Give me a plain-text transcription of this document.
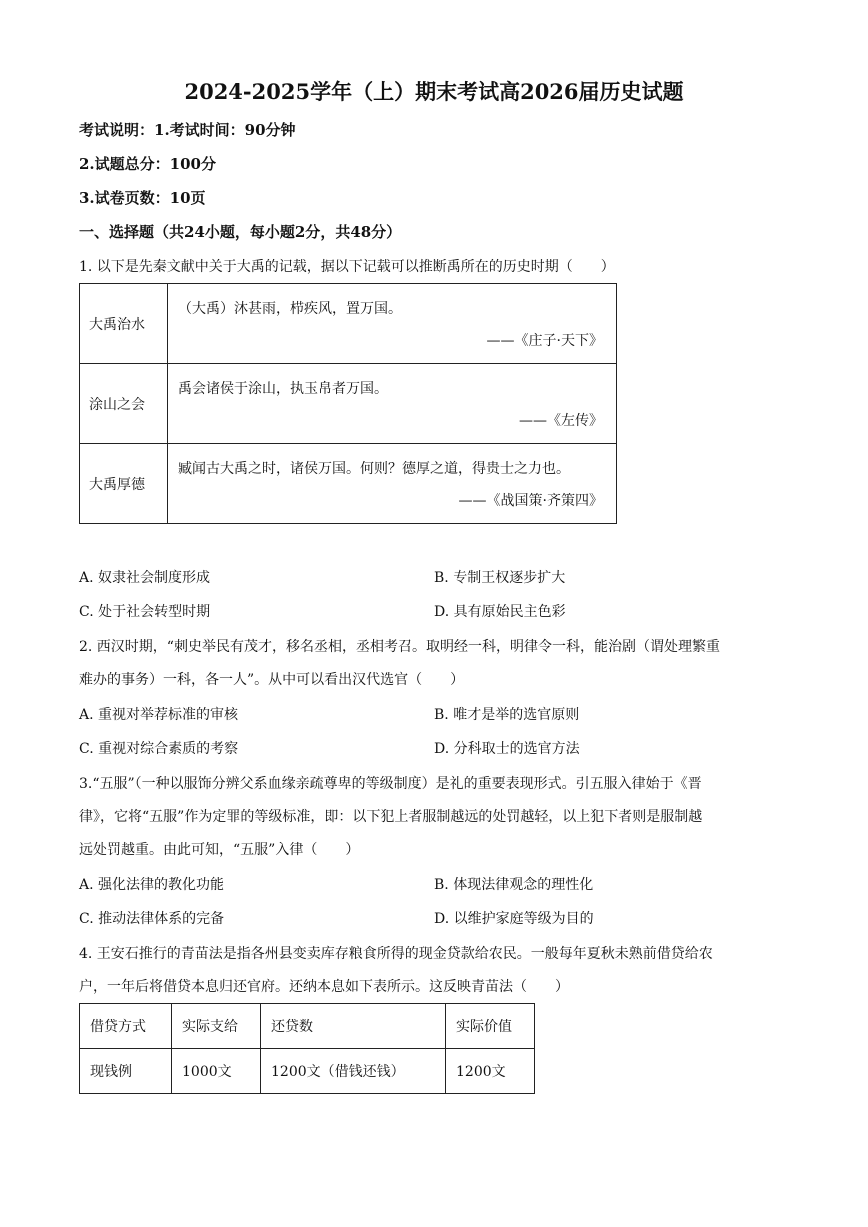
2024-2025学年（上）期末考试高2026届历史试题
考试说明：1.考试时间：90分钟
2.试题总分：100分
3.试卷页数：10页
一、选择题（共24小题，每小题2分，共48分）
1. 以下是先秦文献中关于大禹的记载，据以下记载可以推断禹所在的历史时期（　　）
大禹治水	（大禹）沐甚雨，栉疾风，置万国。
——《庄子·天下》

涂山之会	禹会诸侯于涂山，执玉帛者万国。
——《左传》

大禹厚德	臧闻古大禹之时，诸侯万国。何则？德厚之道，得贵士之力也。
——《战国策·齐策四》
A. 奴隶社会制度形成	B. 专制王权逐步扩大
C. 处于社会转型时期	D. 具有原始民主色彩
2. 西汉时期，“刺史举民有茂才，移名丞相，丞相考召。取明经一科，明律令一科，能治剧（谓处理繁重
难办的事务）一科，各一人”。从中可以看出汉代选官（　　）
A. 重视对举荐标准的审核	B. 唯才是举的选官原则
C. 重视对综合素质的考察	D. 分科取士的选官方法
3.“五服”（一种以服饰分辨父系血缘亲疏尊卑的等级制度）是礼的重要表现形式。引五服入律始于《晋
律》，它将“五服”作为定罪的等级标准，即：以下犯上者服制越远的处罚越轻，以上犯下者则是服制越
远处罚越重。由此可知，“五服”入律（　　）
A. 强化法律的教化功能	B. 体现法律观念的理性化
C. 推动法律体系的完备	D. 以维护家庭等级为目的
4. 王安石推行的青苗法是指各州县变卖库存粮食所得的现金贷款给农民。一般每年夏秋未熟前借贷给农
户，一年后将借贷本息归还官府。还纳本息如下表所示。这反映青苗法（　　）
借贷方式	实际支给	还贷数	实际价值
现钱例	1000文	1200文（借钱还钱）	1200文
